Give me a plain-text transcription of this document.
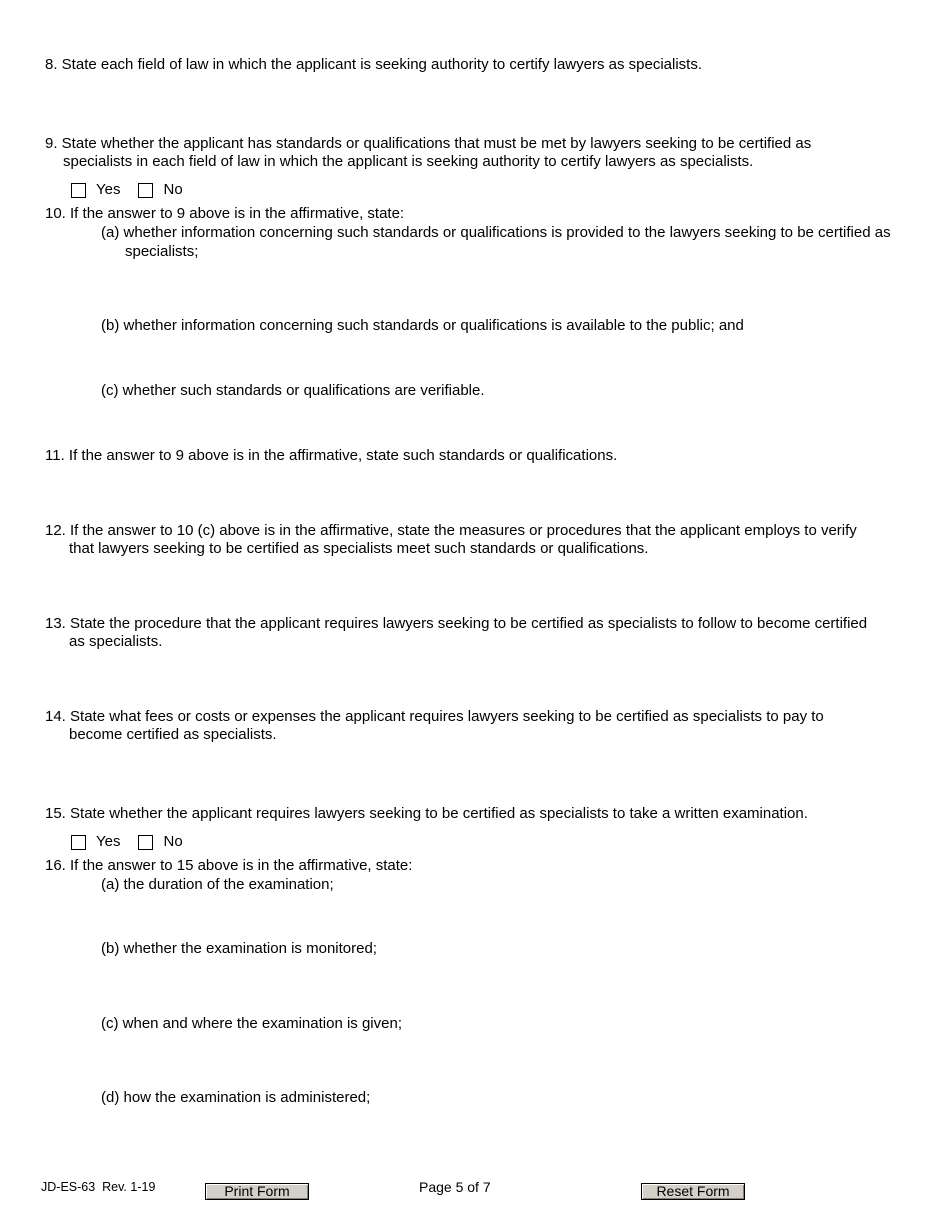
8. State each field of law in which the applicant is seeking authority to certify lawyers as specialists.

9. State whether the applicant has standards or qualifications that must be met by lawyers seeking to be certified as

specialists in each field of law in which the applicant is seeking authority to certify lawyers as specialists.

Yes	No

10. If the answer to 9 above is in the affirmative, state:

(a) whether information concerning such standards or qualifications is provided to the lawyers seeking to be certified as specialists;
(b) whether information concerning such standards or qualifications is available to the public; and
(c) whether such standards or qualifications are verifiable.

11. If the answer to 9 above is in the affirmative, state such standards or qualifications.

12. If the answer to 10 (c) above is in the affirmative, state the measures or procedures that the applicant employs to verify

that lawyers seeking to be certified as specialists meet such standards or qualifications.

13. State the procedure that the applicant requires lawyers seeking to be certified as specialists to follow to become certified

as specialists.

14. State what fees or costs or expenses the applicant requires lawyers seeking to be certified as specialists to pay to

become certified as specialists.

15. State whether the applicant requires lawyers seeking to be certified as specialists to take a written examination.

Yes	No

16. If the answer to 15 above is in the affirmative, state:

(a) the duration of the examination;
(b) whether the examination is monitored;
(c) when and where the examination is given;
(d) how the examination is administered;
JD-ES-63  Rev. 1-19	Print Form	Page 5 of 7	Reset Form
